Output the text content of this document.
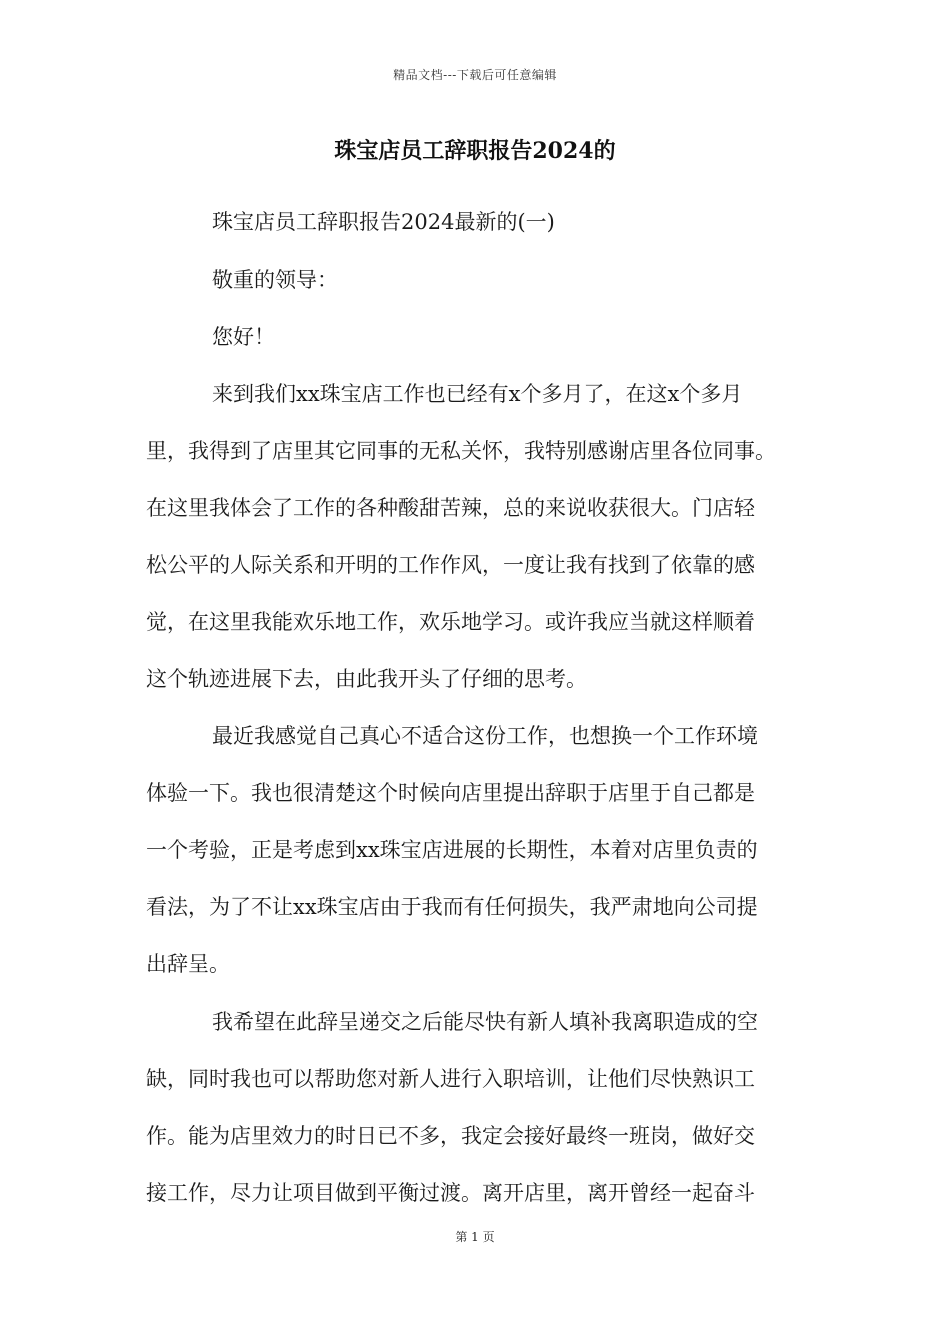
精品文档---下载后可任意编辑
珠宝店员工辞职报告2024的
珠宝店员工辞职报告2024最新的(一)
敬重的领导：
您好！
来到我们xx珠宝店工作也已经有x个多月了，在这x个多月
里，我得到了店里其它同事的无私关怀，我特别感谢店里各位同事。
在这里我体会了工作的各种酸甜苦辣，总的来说收获很大。门店轻
松公平的人际关系和开明的工作作风，一度让我有找到了依靠的感
觉，在这里我能欢乐地工作，欢乐地学习。或许我应当就这样顺着
这个轨迹进展下去，由此我开头了仔细的思考。
最近我感觉自己真心不适合这份工作，也想换一个工作环境
体验一下。我也很清楚这个时候向店里提出辞职于店里于自己都是
一个考验，正是考虑到xx珠宝店进展的长期性，本着对店里负责的
看法，为了不让xx珠宝店由于我而有任何损失，我严肃地向公司提
出辞呈。
我希望在此辞呈递交之后能尽快有新人填补我离职造成的空
缺，同时我也可以帮助您对新人进行入职培训，让他们尽快熟识工
作。能为店里效力的时日已不多，我定会接好最终一班岗，做好交
接工作，尽力让项目做到平衡过渡。离开店里，离开曾经一起奋斗
第 1 页
